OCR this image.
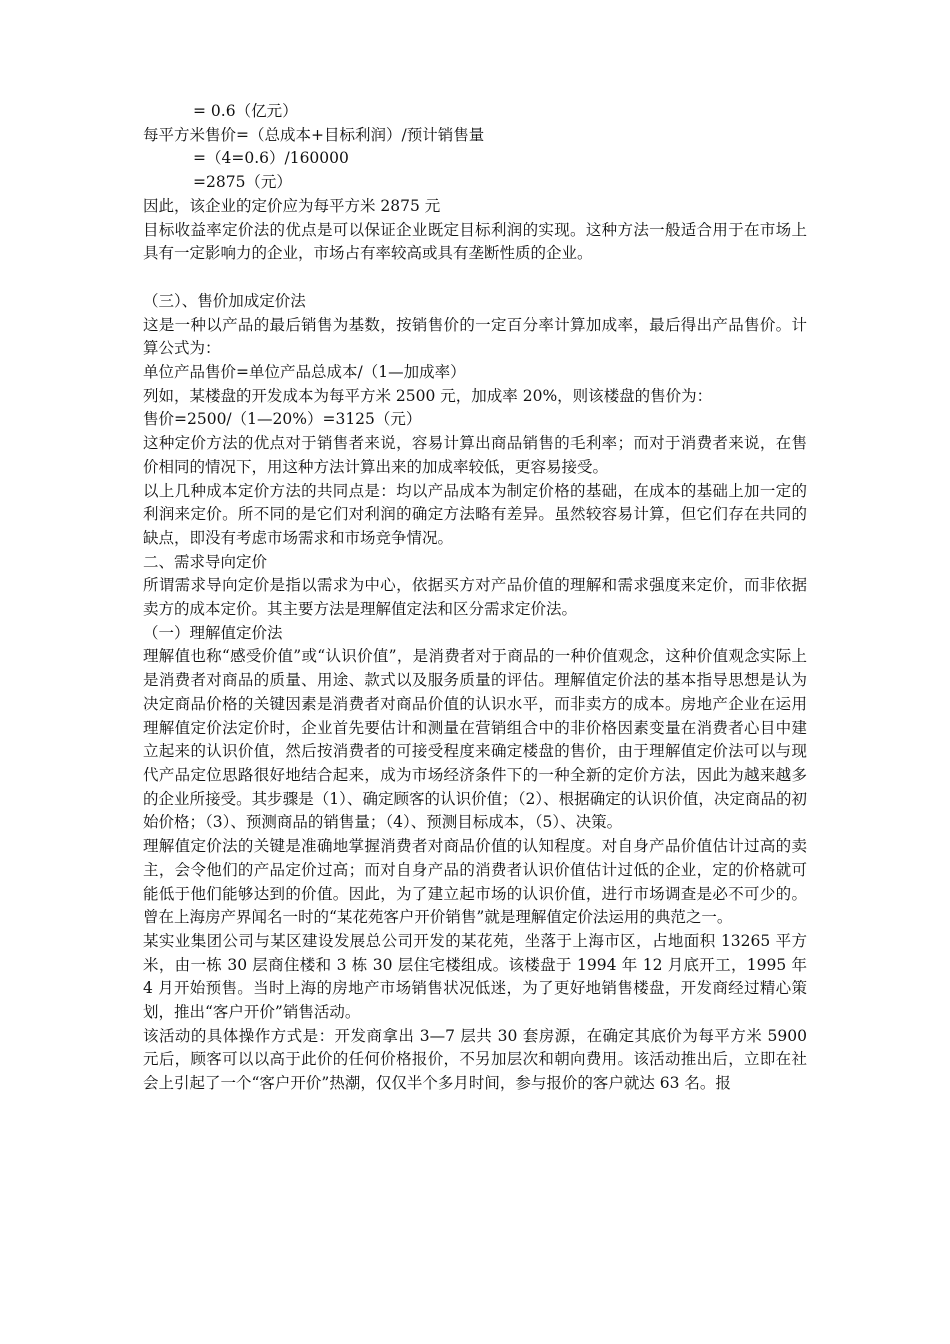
= 0.6（亿元）

每平方米售价=（总成本+目标利润）/预计销售量

=（4=0.6）/160000

=2875（元）

因此，该企业的定价应为每平方米 2875 元

目标收益率定价法的优点是可以保证企业既定目标利润的实现。这种方法一般适合用于在市场上具有一定影响力的企业，市场占有率较高或具有垄断性质的企业。

（三）、售价加成定价法

这是一种以产品的最后销售为基数，按销售价的一定百分率计算加成率，最后得出产品售价。计算公式为：

单位产品售价=单位产品总成本/（1—加成率）

列如，某楼盘的开发成本为每平方米 2500 元，加成率 20%，则该楼盘的售价为：

售价=2500/（1—20%）=3125（元）

这种定价方法的优点对于销售者来说，容易计算出商品销售的毛利率；而对于消费者来说，在售价相同的情况下，用这种方法计算出来的加成率较低，更容易接受。

以上几种成本定价方法的共同点是：均以产品成本为制定价格的基础，在成本的基础上加一定的利润来定价。所不同的是它们对利润的确定方法略有差异。虽然较容易计算，但它们存在共同的缺点，即没有考虑市场需求和市场竞争情况。

二、需求导向定价

所谓需求导向定价是指以需求为中心，依据买方对产品价值的理解和需求强度来定价，而非依据卖方的成本定价。其主要方法是理解值定法和区分需求定价法。

（一）理解值定价法

理解值也称“感受价值”或“认识价值”，是消费者对于商品的一种价值观念，这种价值观念实际上是消费者对商品的质量、用途、款式以及服务质量的评估。理解值定价法的基本指导思想是认为决定商品价格的关键因素是消费者对商品价值的认识水平，而非卖方的成本。房地产企业在运用理解值定价法定价时，企业首先要估计和测量在营销组合中的非价格因素变量在消费者心目中建立起来的认识价值，然后按消费者的可接受程度来确定楼盘的售价，由于理解值定价法可以与现代产品定位思路很好地结合起来，成为市场经济条件下的一种全新的定价方法，因此为越来越多的企业所接受。其步骤是（1）、确定顾客的认识价值；（2）、根据确定的认识价值，决定商品的初始价格；（3）、预测商品的销售量；（4）、预测目标成本，（5）、决策。

理解值定价法的关键是准确地掌握消费者对商品价值的认知程度。对自身产品价值估计过高的卖主，会令他们的产品定价过高；而对自身产品的消费者认识价值估计过低的企业，定的价格就可能低于他们能够达到的价值。因此，为了建立起市场的认识价值，进行市场调查是必不可少的。曾在上海房产界闻名一时的“某花苑客户开价销售”就是理解值定价法运用的典范之一。

某实业集团公司与某区建设发展总公司开发的某花苑，坐落于上海市区，占地面积 13265 平方米，由一栋 30 层商住楼和 3 栋 30 层住宅楼组成。该楼盘于 1994 年 12 月底开工，1995 年 4 月开始预售。当时上海的房地产市场销售状况低迷，为了更好地销售楼盘，开发商经过精心策划，推出“客户开价”销售活动。

该活动的具体操作方式是：开发商拿出 3—7 层共 30 套房源，在确定其底价为每平方米 5900 元后，顾客可以以高于此价的任何价格报价，不另加层次和朝向费用。该活动推出后，立即在社会上引起了一个“客户开价”热潮，仅仅半个多月时间，参与报价的客户就达 63 名。报
